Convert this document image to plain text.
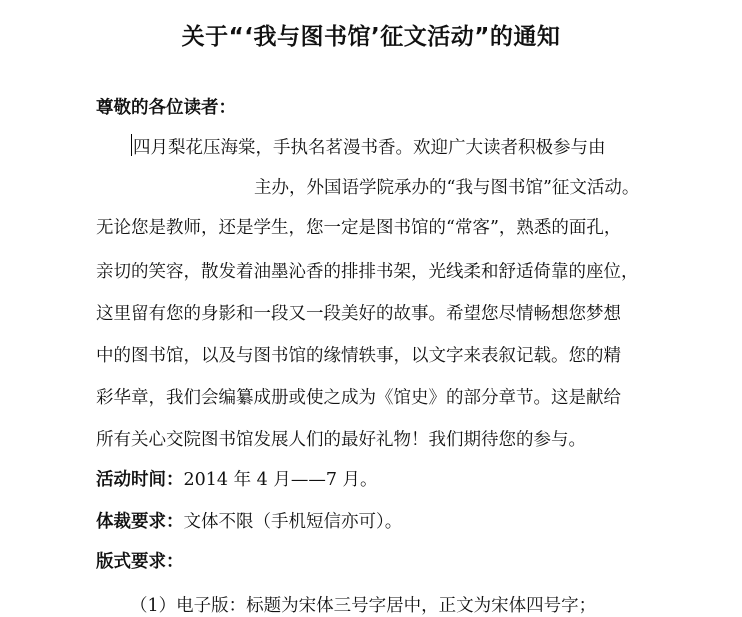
关于“‘我与图书馆’征文活动”的通知
尊敬的各位读者：
四月梨花压海棠，手执名茗漫书香。欢迎广大读者积极参与由
主办，外国语学院承办的“我与图书馆”征文活动。
无论您是教师，还是学生，您一定是图书馆的“常客”，熟悉的面孔，
亲切的笑容，散发着油墨沁香的排排书架，光线柔和舒适倚靠的座位，
这里留有您的身影和一段又一段美好的故事。希望您尽情畅想您梦想
中的图书馆，以及与图书馆的缘情轶事，以文字来表叙记载。您的精
彩华章，我们会编纂成册或使之成为《馆史》的部分章节。这是献给
所有关心交院图书馆发展人们的最好礼物！我们期待您的参与。
活动时间：2014 年 4 月——7 月。
体裁要求：文体不限（手机短信亦可）。
版式要求：
（1）电子版：标题为宋体三号字居中，正文为宋体四号字；
